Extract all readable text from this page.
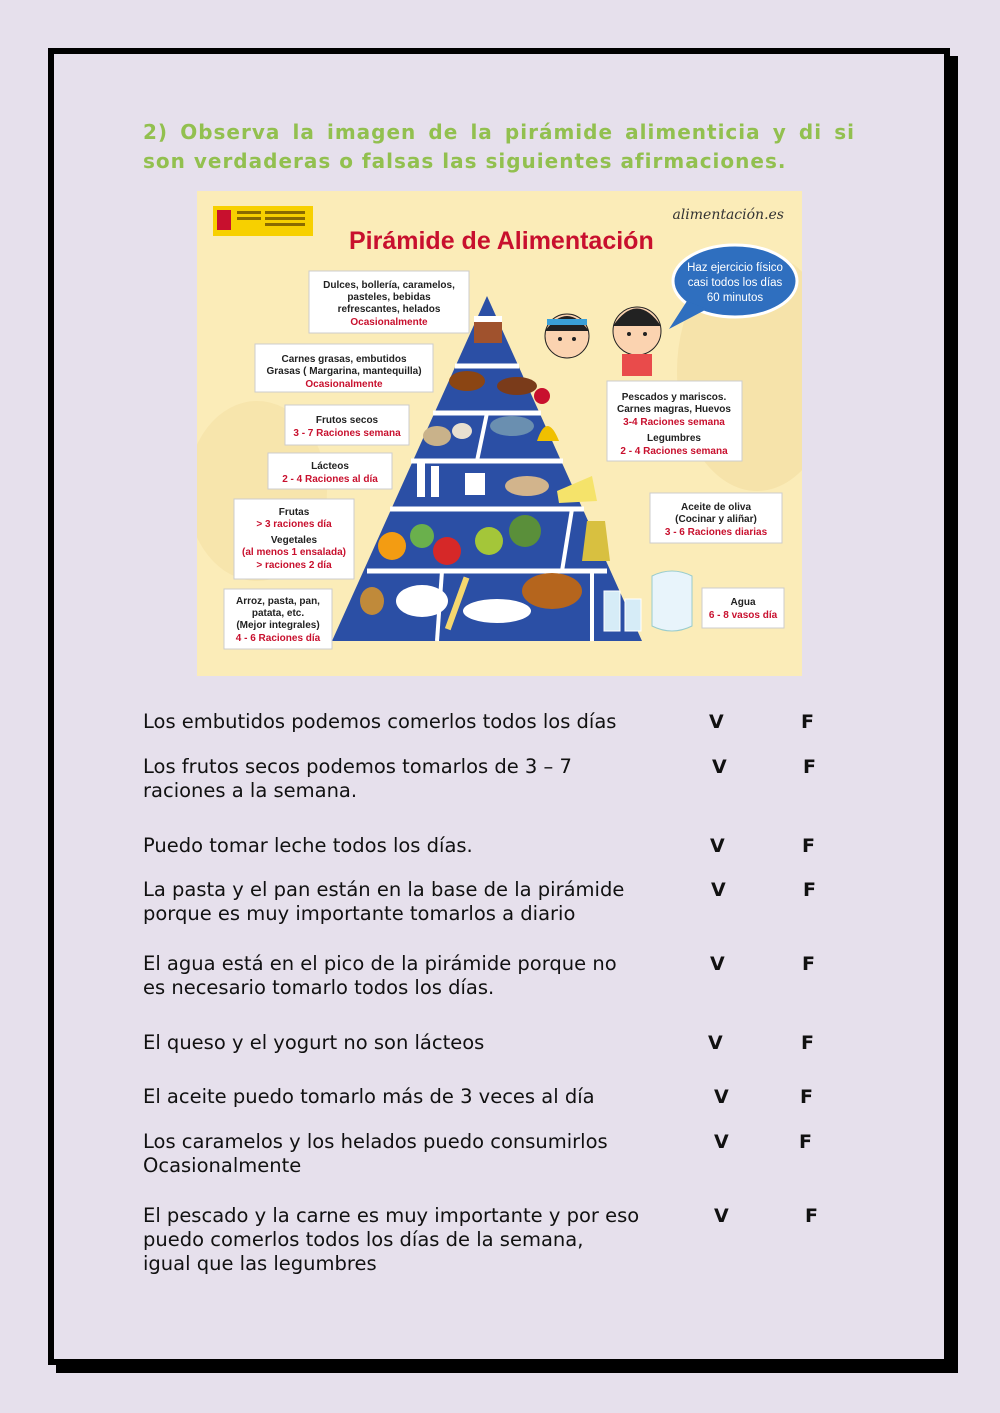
2) Observa la imagen de la pirámide alimenticia y di si son verdaderas o falsas las siguientes afirmaciones.
Pirámide de Alimentación
alimentación.es
Haz ejercicio físico
casi todos los días
60 minutos
Dulces, bollería, caramelos,
pasteles, bebidas
refrescantes, helados
Ocasionalmente
Carnes grasas, embutidos
Grasas ( Margarina, mantequilla)
Ocasionalmente
Frutos secos
3 - 7 Raciones semana
Lácteos
2 - 4 Raciones al día
Frutas
> 3 raciones día
Vegetales
(al menos 1 ensalada)
> raciones 2 día
Arroz, pasta, pan,
patata, etc.
(Mejor integrales)
4 - 6 Raciones día
Pescados y mariscos.
Carnes magras, Huevos
3-4 Raciones semana
Legumbres
2 - 4 Raciones semana
Aceite de oliva
(Cocinar y aliñar)
3 - 6 Raciones diarias
Agua
6 - 8 vasos día
Los embutidos podemos comerlos todos los días	V	F
Los frutos secos podemos tomarlos de 3 – 7
raciones a la semana.
V	F
Puedo tomar leche todos los días.	V	F
La pasta y el pan están en la base de la pirámide
porque es muy importante tomarlos a diario
V	F
El agua está en el pico de la pirámide porque no
es necesario tomarlo todos los días.
V	F
El queso y el yogurt no son lácteos	V	F
El aceite puedo tomarlo más de 3 veces al día	V	F
Los caramelos y los helados puedo consumirlos
Ocasionalmente
V	F
El pescado y la carne es muy importante y por eso
puedo comerlos todos los días de la semana,
igual que las legumbres
V	F
